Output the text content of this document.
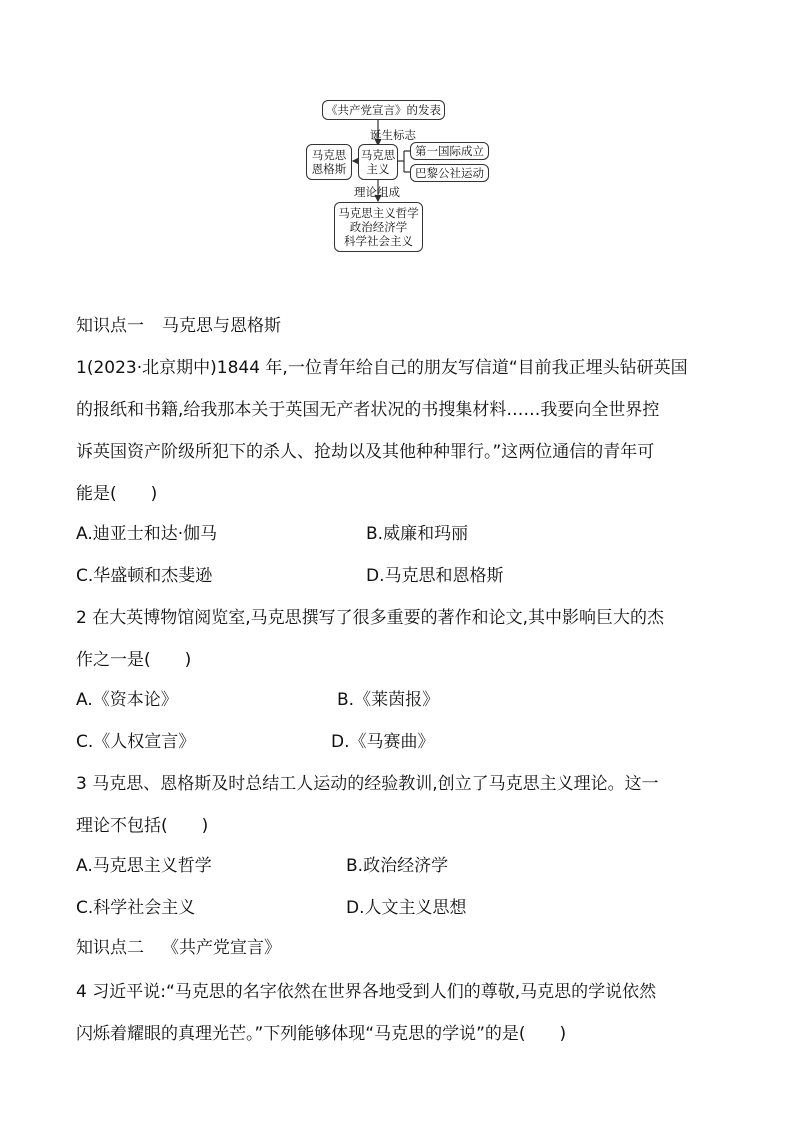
《共产党宣言》的发表
诞生标志
马克思
恩格斯
马克思
主义
第一国际成立
巴黎公社运动
理论组成
马克思主义哲学
政治经济学
科学社会主义
知识点一 马克思与恩格斯
1(2023·北京期中)1844 年,一位青年给自己的朋友写信道“目前我正埋头钻研英国
的报纸和书籍,给我那本关于英国无产者状况的书搜集材料……我要向全世界控
诉英国资产阶级所犯下的杀人、抢劫以及其他种种罪行。”这两位通信的青年可
能是(　　)
A.迪亚士和达·伽马	B.威廉和玛丽
C.华盛顿和杰斐逊	D.马克思和恩格斯
2 在大英博物馆阅览室,马克思撰写了很多重要的著作和论文,其中影响巨大的杰
作之一是(　　)
A.《资本论》	B.《莱茵报》
C.《人权宣言》	D.《马赛曲》
3 马克思、恩格斯及时总结工人运动的经验教训,创立了马克思主义理论。这一
理论不包括(　　)
A.马克思主义哲学	B.政治经济学
C.科学社会主义	D.人文主义思想
知识点二 《共产党宣言》
4 习近平说:“马克思的名字依然在世界各地受到人们的尊敬,马克思的学说依然
闪烁着耀眼的真理光芒。”下列能够体现“马克思的学说”的是(　　)
